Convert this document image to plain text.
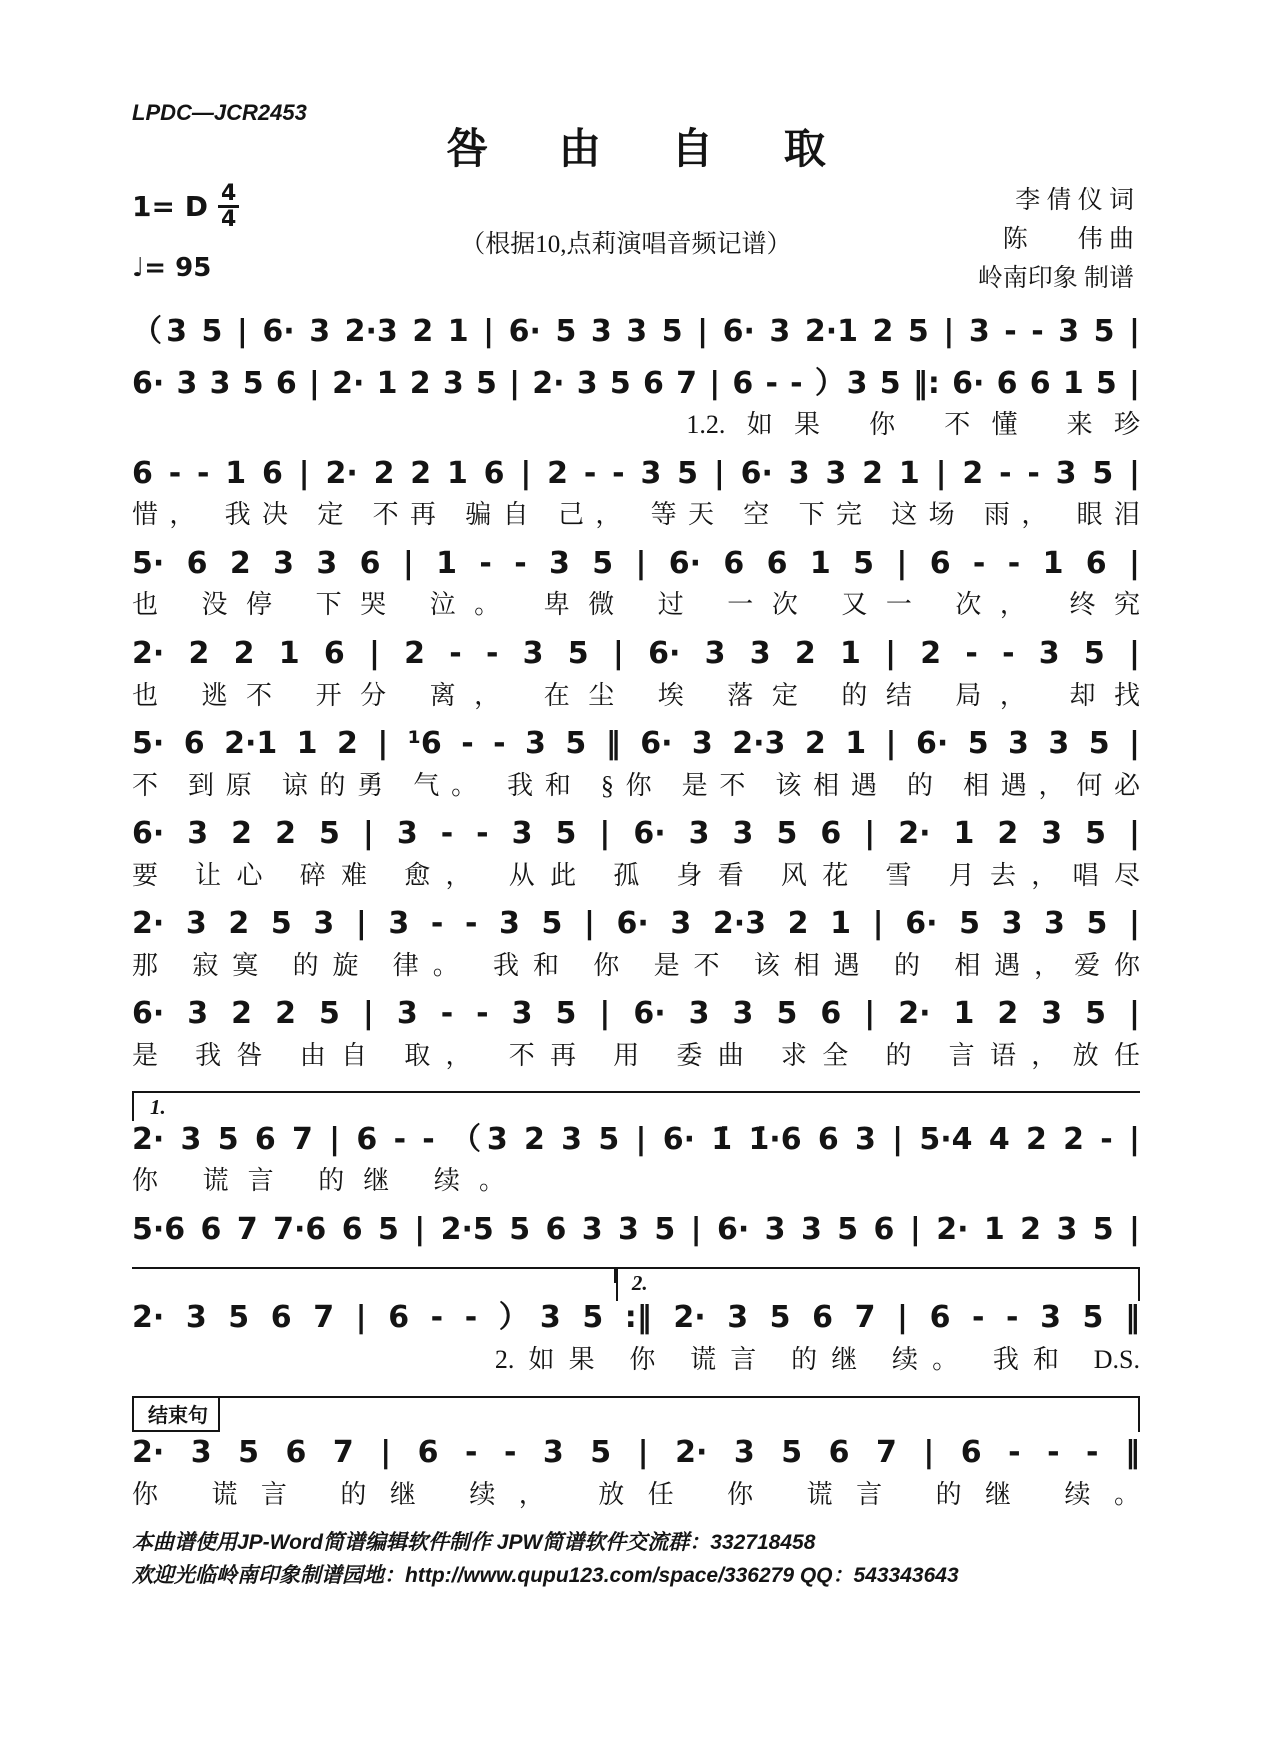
LPDC—JCR2453
咎 由 自 取
1= D $\frac{4}{4}$
♩= 95
（根据10,点莉演唱音频记谱）
李 倩 仪 词
陈        伟 曲
岭南印象 制谱
（3 5 | 6· 3 2·3 2 1 | 6· 5 3 3 5 | 6· 3 2·1 2 5 | 3 - - 3 5 |
6· 3 3 5 6 | 2· 1 2 3 5 | 2· 3 5 6 7 | 6 - - ）3 5 ‖: 6· 6 6 1 5 |
1.2.如果 你 不懂 来珍
6 - - 1 6 | 2· 2 2 1 6 | 2 - - 3 5 | 6· 3 3 2 1 | 2 - - 3 5 |
惜， 我决 定 不再 骗自 己， 等天 空 下完 这场 雨， 眼泪
5· 6 2 3 3 6 | 1 - - 3 5 | 6· 6 6 1 5 | 6 - - 1 6 |
也 没停 下哭 泣。 卑微 过 一次 又一 次， 终究
2· 2 2 1 6 | 2 - - 3 5 | 6· 3 3 2 1 | 2 - - 3 5 |
也 逃不 开分 离， 在尘 埃 落定 的结 局， 却找
5· 6 2·1 1 2 | ¹6 - - 3 5 ‖ 6· 3 2·3 2 1 | 6· 5 3 3 5 |
不 到原 谅的勇 气。 我和 §你 是不 该相遇 的 相遇，何必
6· 3 2 2 5 | 3 - - 3 5 | 6· 3 3 5 6 | 2· 1 2 3 5 |
要 让心 碎难 愈， 从此 孤 身看 风花 雪 月去，唱尽
2· 3 2 5 3 | 3 - - 3 5 | 6· 3 2·3 2 1 | 6· 5 3 3 5 |
那 寂寞 的旋 律。 我和 你 是不 该相遇 的 相遇，爱你
6· 3 2 2 5 | 3 - - 3 5 | 6· 3 3 5 6 | 2· 1 2 3 5 |
是 我咎 由自 取， 不再 用 委曲 求全 的 言语，放任
1.
2· 3 5 6 7 | 6 - - （3 2 3 5 | 6· 1̇ 1̇·6 6 3 | 5·4 4 2 2 - |
你 谎言 的继 续。
5·6 6 7 7·6 6 5 | 2·5 5 6 3 3 5 | 6· 3 3 5 6 | 2· 1 2 3 5 |
2.
2· 3 5 6 7 | 6 - - ）3 5 :‖ 2· 3 5 6 7 | 6 - - 3 5 ‖
2.如果 你 谎言 的继 续。 我和 D.S.
结束句
2· 3 5 6 7 | 6 - - 3 5 | 2· 3 5 6 7 | 6 - - - ‖
你 谎言 的继 续， 放任 你 谎言 的继 续。
本曲谱使用JP-Word简谱编辑软件制作 JPW简谱软件交流群：332718458
欢迎光临岭南印象制谱园地：http://www.qupu123.com/space/336279 QQ：543343643
